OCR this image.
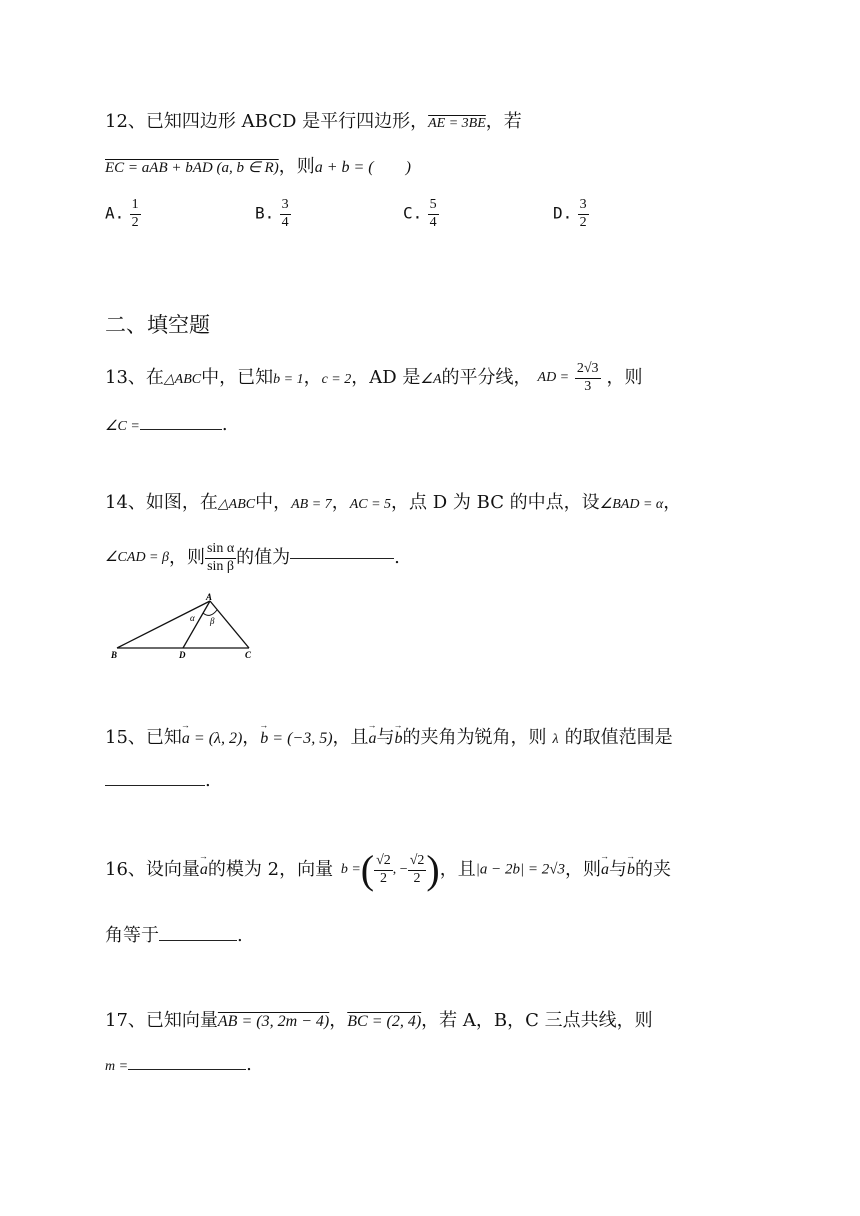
12、已知四边形 ABCD 是平行四边形，AE = 3BE，若
EC = aAB + bAD (a, b ∈ R)，则a + b = (　　)
A. $\frac{1}{2}$	B. $\frac{3}{4}$	C. $\frac{5}{4}$	D. $\frac{3}{2}$
二、填空题
13、在△ABC中，已知b = 1，c = 2，AD 是∠A的平分线， AD = $\frac{2√3}{3}$ ，则
∠C =	.
14、如图，在△ABC中，AB = 7，AC = 5，点 D 为 BC 的中点，设∠BAD = α，
∠CAD = β，则 $\frac{\text{sin α}}{\text{sin β}}$ 的值为	.
A
B	D	C
α β
15、已知a = (λ, 2) →，b = (−3, 5) →，且a →与b →的夹角为锐角，则 λ 的取值范围是
.
16、设向量a →的模为 2，向量 b =( $\frac{√2}{2}$ , − $\frac{√2}{2}$ )，且|a − 2b| = 2√3，则a →与b →的夹
角等于	.
17、已知向量AB = (3, 2m − 4)，BC = (2, 4)，若 A，B，C 三点共线，则
m =	.
